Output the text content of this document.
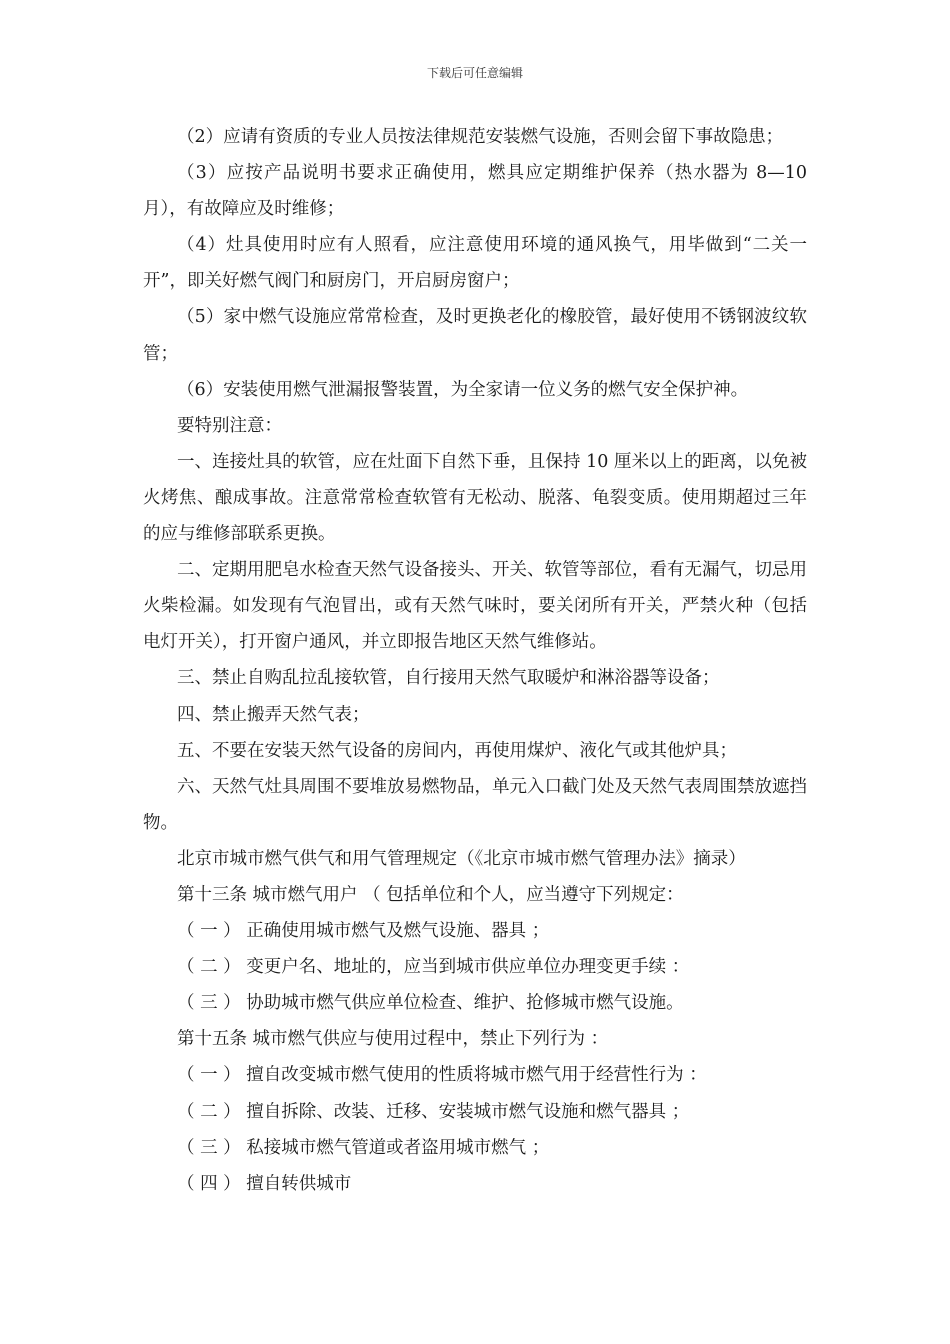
下载后可任意编辑

（2）应请有资质的专业人员按法律规范安装燃气设施，否则会留下事故隐患；

（3）应按产品说明书要求正确使用，燃具应定期维护保养（热水器为 8—10 月），有故障应及时维修；

（4）灶具使用时应有人照看，应注意使用环境的通风换气，用毕做到“二关一开”，即关好燃气阀门和厨房门，开启厨房窗户；

（5）家中燃气设施应常常检查，及时更换老化的橡胶管，最好使用不锈钢波纹软管；

（6）安装使用燃气泄漏报警装置，为全家请一位义务的燃气安全保护神。

要特别注意：

一、连接灶具的软管，应在灶面下自然下垂，且保持 10 厘米以上的距离，以免被火烤焦、酿成事故。注意常常检查软管有无松动、脱落、龟裂变质。使用期超过三年的应与维修部联系更换。

二、定期用肥皂水检查天然气设备接头、开关、软管等部位，看有无漏气，切忌用火柴检漏。如发现有气泡冒出，或有天然气味时，要关闭所有开关，严禁火种（包括电灯开关），打开窗户通风，并立即报告地区天然气维修站。

三、禁止自购乱拉乱接软管，自行接用天然气取暖炉和淋浴器等设备；

四、禁止搬弄天然气表；

五、不要在安装天然气设备的房间内，再使用煤炉、液化气或其他炉具；

六、天然气灶具周围不要堆放易燃物品，单元入口截门处及天然气表周围禁放遮挡物。

北京市城市燃气供气和用气管理规定（《北京市城市燃气管理办法》摘录）

第十三条 城市燃气用户 （ 包括单位和个人，应当遵守下列规定：

（ 一 ） 正确使用城市燃气及燃气设施、器具 ；

（ 二 ） 变更户名、地址的，应当到城市供应单位办理变更手续 ：

（ 三 ） 协助城市燃气供应单位检查、维护、抢修城市燃气设施。

第十五条 城市燃气供应与使用过程中，禁止下列行为 ：

（ 一 ） 擅自改变城市燃气使用的性质将城市燃气用于经营性行为 ：

（ 二 ） 擅自拆除、改装、迁移、安装城市燃气设施和燃气器具 ；

（ 三 ） 私接城市燃气管道或者盗用城市燃气 ；

（ 四 ） 擅自转供城市
